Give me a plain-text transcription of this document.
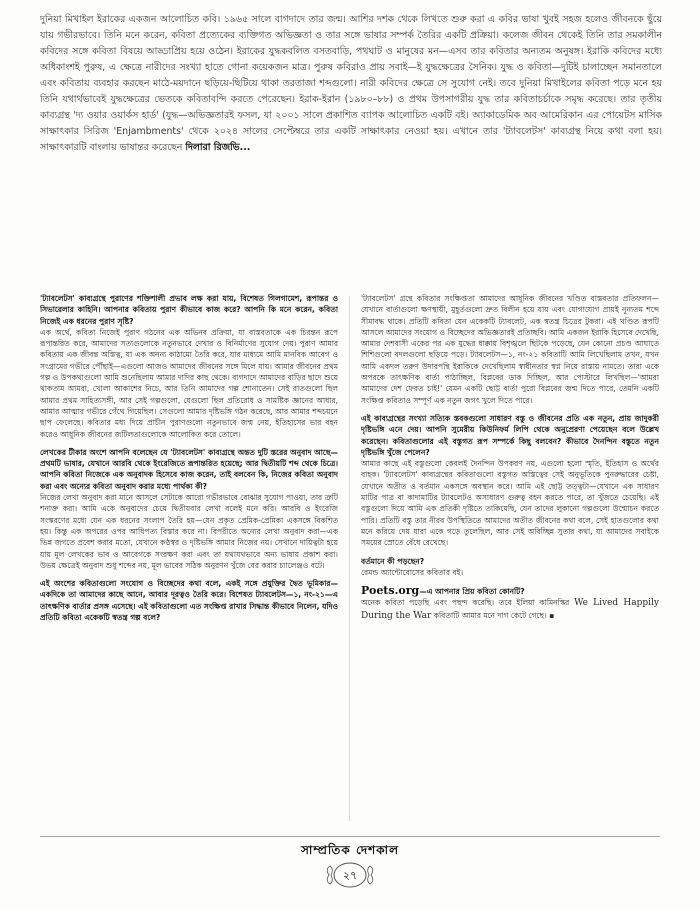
দুনিয়া মিখাইল ইরাকের একজন আলোচিত কবি। ১৯৬৫ সালে বাগদাদে তার জন্ম। আশির দশক থেকে লিখতে শুরু করা এ কবির ভাষা খুবই সহজ হলেও জীবনকে ছুঁয়ে যায় গভীরভাবে। তিনি মনে করেন, কবিতা প্রত্যেকের ব্যক্তিগত অভিজ্ঞতা ও তার সঙ্গে ভাষার সম্পর্ক তৈরির একটি প্রক্রিয়া। কলেজ জীবন থেকেই তিনি তার সমকালীন কবিদের সঙ্গে কবিতা বিষয়ে আড্ডাপ্রিয় হয়ে ওঠেন। ইরাকের যুদ্ধকবলিত বসতবাড়ি, পথঘাট ও মানুষের মন—এসব তার কবিতার অন্যতম অনুষঙ্গ। ইরাকি কবিদের মধ্যে অধিকাংশই পুরুষ, এ ক্ষেত্রে নারীদের সংখ্যা হাতে গোনা কয়েকজন মাত্র। পুরুষ কবিরাও প্রায় সবাই—ই যুদ্ধক্ষেত্রের সৈনিক। যুদ্ধ ও কবিতা—দুটিই চালাচ্ছেন সমানতালে এবং কবিতায় ব্যবহার করছেন মাঠে-ময়দানে ছড়িয়ে-ছিটিয়ে থাকা তরতাজা শব্দগুলো। নারী কবিদের ক্ষেত্রে সে সুযোগ নেই। তবে দুনিয়া মিখাইলের কবিতা পড়ে মনে হয় তিনি যথার্থভাবেই যুদ্ধক্ষেত্রের ভেতকে কবিতাবন্দি করতে পেরেছেন। ইরাক-ইরান (১৯৮০–৮৮) ও প্রথম উপসাগরীয় যুদ্ধ তার কবিতাচর্চাকে সমৃদ্ধ করেছে। তার তৃতীয় কাব্যগ্রন্থ 'দ্য ওয়ার ওয়ার্কস হার্ড' (যুদ্ধ—অভিজ্ঞতারই ফসল, যা ২০০১ সালে প্রকাশিত ব্যাপক আলোচিত একটি বই। অ্যাকাডেমিক অব আমেরিকান এর পোয়েটস মাসিক সাক্ষাৎকার সিরিজ 'Enjambments' থেকে ২০২৪ সালের সেপ্টেম্বরে তার একটি সাক্ষাৎকার নেওয়া হয়। এখানে তার 'ট্যাবলেটস' কাব্যগ্রন্থ নিয়ে কথা বলা হয়। সাক্ষাৎকারটি বাংলায় ভাষান্তর করেছেন দিলারা রিজভি...

'ট্যাবলেটস' কাব্যগ্রন্থে পুরাণের শক্তিশালী প্রভাব লক্ষ করা যায়, বিশেষত গিলগামেশ, রূপান্তর ও সিভারেলার কাহিনি। আপনার কবিতায় পুরাণ কীভাবে কাজ করে? আপনি কি মনে করেন, কবিতা নিজেই এক ধরনের পুরাণ সৃষ্টি?

এক অর্থে, কবিতা নিজেই পুরাণ গঠনের এক অভিনব প্রক্রিয়া, যা বাস্তবতাকে এক চিরন্তন রূপে রূপান্তরিত করে, আমাদের সত্যগুলোকে নতুনভাবে দেখার ও বিনির্মাণের সুযোগ দেয়। পুরাণ আমার কবিতায় এক জীবন্ত অস্তিত্ব, যা এক অনন্য কাঠামো তৈরি করে, যার মাধ্যমে আমি মানবিক আবেগ ও সংগ্রামের গভীরে পৌঁছাই—এগুলো আজও আমাদের জীবনের সঙ্গে মিলে যায়। আমার জীবনের প্রথম গল্প ও উপকথাগুলো আমি শুনেছিলাম আমার দাদির কাছ থেকে। বাগদাদে আমাদের বাড়ির ছাদে শুয়ে থাকতাম আমরা, খোলা আকাশের নিচে, আর তিনি আমাদের গল্প শোনাতেন। সেই রাতগুলো ছিল আমার প্রথম সাহিত্যসঙ্গী, আর সেই গল্পগুলো, যেগুলো ছিল প্রতিরোধ ও সামষ্টিক জ্ঞানের আধার, আমার আত্মার গভীরে গেঁথে গিয়েছিল। সেগুলো আমার দৃষ্টিভঙ্গি গঠন করেছে, আর আমার শব্দচয়নে ছাপ ফেলেছে। কবিতার মধ্য দিয়ে প্রাচীন পুরাণগুলো নতুনভাবে জন্ম নেয়, ইতিহাসের ভার বহন করেও আধুনিক জীবনের জটিলতাগুলোকে আলোকিত করে তোলে।

লেখকের টীকার অংশে আপনি বলেছেন যে 'ট্যাবলেটস' কাব্যগ্রন্থে অন্তত দুটি স্তরের অনুবাদ আছে—প্রথমটি ভাষার, যেখানে আরবি থেকে ইংরেজিতে রূপান্তরিত হয়েছে; আর দ্বিতীয়টি শব্দ থেকে চিত্রে। আপনি কবিতা নিজেকে এক অনুবাদক হিসেবে কাজ করেন, তাই বলবেন কি, নিজের কবিতা অনুবাদ করা এবং অন্যের কবিতা অনুবাদ করার মধ্যে পার্থক্য কী?

নিজের লেখা অনুবাদ করা মানে আসলে সেটাকে আরো গভীরভাবে বোঝার সুযোগ পাওয়া, তার ত্রুটি শনাক্ত করা। আমি একে অনুবাদের চেয়ে দ্বিতীয়বার লেখা বলেই মনে করি। আরবি ও ইংরেজি সংস্করণের মধ্যে যেন এক ধরনের সংলাপ তৈরি হয়—যেন প্রকৃত প্রেমিক-প্রেমিকা একসঙ্গে বিকশিত হয়। কিন্তু এক অপরের ওপর আধিপত্য বিস্তার করে না। বিপরীতে অন্যের লেখা অনুবাদ করা—এক ভিন্ন জগতে প্রবেশ করার মতো, যেখানে কণ্ঠস্বর ও দৃষ্টিভঙ্গি আমার নিজের নয়। সেখানে দায়িত্বটা হয়ে যায় মূল লেখকের ভাব ও আবেগকে সংরক্ষণ করা এবং তা যথাযথভাবে অন্য ভাষায় প্রকাশ করা। উভয় ক্ষেত্রেই অনুবাদ শুধু শব্দের নয়, মূল ভাবের সঠিক অনুরণন খুঁজে বের করার চ্যালেঞ্জও বটে।

এই অংশের কবিতাগুলো সংযোগ ও বিচ্ছেদের কথা বলে, একই সঙ্গে প্রযুক্তির দ্বৈত ভূমিকার—একদিকে তা আমাদের কাছে আনে, আবার দূরত্বও তৈরি করে। বিশেষত ট্যাবলেটস—১, নং-২১—এ তাৎক্ষণিক বার্তার প্রসঙ্গ এসেছে। এই কবিতাগুলো এত সংক্ষিপ্ত রাখার সিদ্ধান্ত কীভাবে নিলেন, যদিও প্রতিটি কবিতা একেকটি স্বতন্ত্র গল্প বলে?

'ট্যাবলেটস' গ্রন্থে কবিতার সংক্ষিপ্ততা আমাদের আধুনিক জীবনের খণ্ডিত বাস্তবতার প্রতিফলন—যেখানে বার্তাগুলো ক্ষণস্থায়ী, মুহূর্তগুলো দ্রুত বিলীন হয়ে যায় এবং যোগাযোগ প্রায়ই নূন্যতম শব্দে সীমাবদ্ধ থাকে। প্রতিটি কবিতা যেন একেকটি ট্যাবলেট, এক স্বতন্ত্র চিত্রের টুকরা। এই খণ্ডিত রূপটি আসলে আমাদের সংযোগ ও বিচ্ছেদের অভিজ্ঞতারই প্রতিচ্ছবি। আমি একজন ইরাকি হিসেবে দেখেছি, আমার দেশবাসী একের পর এক যুদ্ধের ধাক্কায় বিশৃঙ্খলে ছিটকে পড়েছে, যেন কোনো প্রচণ্ড আঘাতে শিশিগুলো বদলগুলো ছড়িয়ে পড়ে। ট্যাবলেটস—১, নং-২১ কবিতাটি আমি লিখেছিলাম তখন, যখন আমি একদল তরুণ উদারপন্থি ইরাকিকে দেখেছিলাম স্বাধীনতার স্বপ্ন নিয়ে রাস্তায় নামতে। তারা একে অপরকে তাৎক্ষণিক বার্তা পাঠাচ্ছিল, বিপ্লবের ডাক দিচ্ছিল, আর পোস্টারে লিখছিল—'আমরা আমাদের দেশ ফেরত চাই!' যেমন একটি ছোট্ট বার্তা পুরো বিপ্লবের জন্ম দিতে পারে, তেমনি একটি সংক্ষিপ্ত কবিতাও সম্পূর্ণ এক নতুন জগৎ খুলে দিতে পারে।

এই কাব্যগ্রন্থের সংখ্যা সত্যিক স্তবকগুলো সাধারণ বস্তু ও জীবনের প্রতি এক নতুন, প্রায় জাদুকরী দৃষ্টিভঙ্গি এনে দেয়। আপনি সুমেরীয় কিউনিফর্ম লিপি থেকে অনুপ্রেরণা পেয়েছেন বলে উল্লেখ করেছেন। কবিতাগুলোর এই বস্তুগত রূপ সম্পর্কে কিছু বলবেন? কীভাবে দৈনন্দিন বস্তুতে নতুন দৃষ্টিভঙ্গি খুঁজে পেলেন?

আমার কাছে এই বস্তুগুলো কেবলই দৈনন্দিন উপকরণ নয়, এগুলো হলো স্মৃতি, ইতিহাস ও অর্থের বাহক। 'ট্যাবলেটস' কাব্যগ্রন্থের কবিতাগুলো বস্তুগত অস্তিত্বের সেই অনুভূতিকে পুনরুদ্ধারের চেষ্টা, যেখানে অতীত ও বর্তমান একসঙ্গে অবস্থান করে। আমি এই ছোট্ট তত্ত্বটা—যেখানে এক সাধারণ মাটির পাত্র বা কাদামাটির ট্যাবলেটও অসাধারণ গুরুত্ব বহন করতে পারে, তা খুঁজতে চেয়েছি। এই বস্তুগুলো দিয়ে আমি এক প্রতিকী দৃষ্টিতে তাকিয়েছি, যেন তাদের লুকানো গল্পগুলো উন্মোচন করতে পারি। প্রতিটি বস্তু তার নীরব উপস্থিতিতে আমাদের অতীত জীবনের কথা বলে, সেই হাতগুলোর কথা মনে করিয়ে দেয় যারা একে গড়ে তুলেছিল, আর সেই অবিচ্ছিন্ন সুতার কথা, যা আমাদের সবাইকে সময়ের স্রোতে বেঁধে রেখেছে।

বর্তমানে কী পড়ছেন?

রেমন্ড অ্যান্টোবোসের কবিতার বই।

Poets.org—এ আপনার প্রিয় কবিতা কোনটি?

অনেক কবিতা পড়েছি এবং পছন্দ করেছি। তবে ইলিয়া কামিনস্কির We Lived Happily During the War কবিতাটি আমার মনে দাগ কেটে গেছে। ▪

সাম্প্রতিক দেশকাল
২৭
